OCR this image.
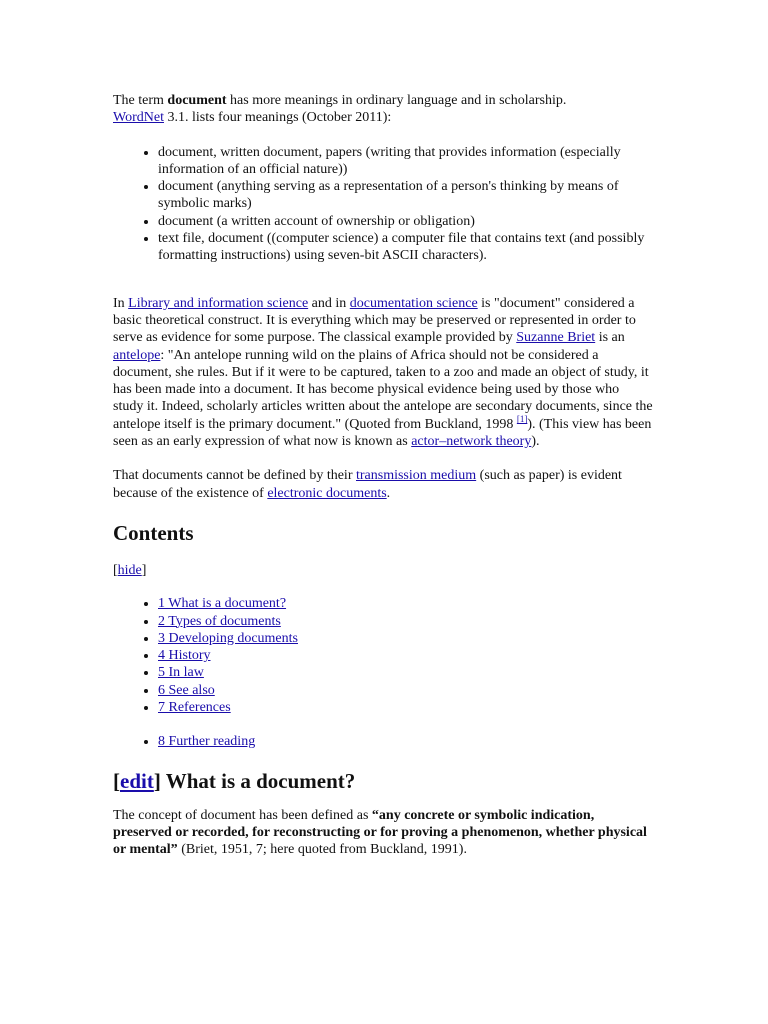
The term document has more meanings in ordinary language and in scholarship.
WordNet 3.1. lists four meanings (October 2011):

• document, written document, papers (writing that provides information (especially information of an official nature))
• document (anything serving as a representation of a person's thinking by means of symbolic marks)
• document (a written account of ownership or obligation)
• text file, document ((computer science) a computer file that contains text (and possibly formatting instructions) using seven-bit ASCII characters).

In Library and information science and in documentation science is "document" considered a basic theoretical construct. It is everything which may be preserved or represented in order to serve as evidence for some purpose. The classical example provided by Suzanne Briet is an antelope: "An antelope running wild on the plains of Africa should not be considered a document, she rules. But if it were to be captured, taken to a zoo and made an object of study, it has been made into a document. It has become physical evidence being used by those who study it. Indeed, scholarly articles written about the antelope are secondary documents, since the antelope itself is the primary document." (Quoted from Buckland, 1998 [1]). (This view has been seen as an early expression of what now is known as actor–network theory).

That documents cannot be defined by their transmission medium (such as paper) is evident because of the existence of electronic documents.

Contents

[hide]

• 1 What is a document?
• 2 Types of documents
• 3 Developing documents
• 4 History
• 5 In law
• 6 See also
• 7 References
• 8 Further reading
[edit] What is a document?

The concept of document has been defined as “any concrete or symbolic indication, preserved or recorded, for reconstructing or for proving a phenomenon, whether physical or mental” (Briet, 1951, 7; here quoted from Buckland, 1991).
